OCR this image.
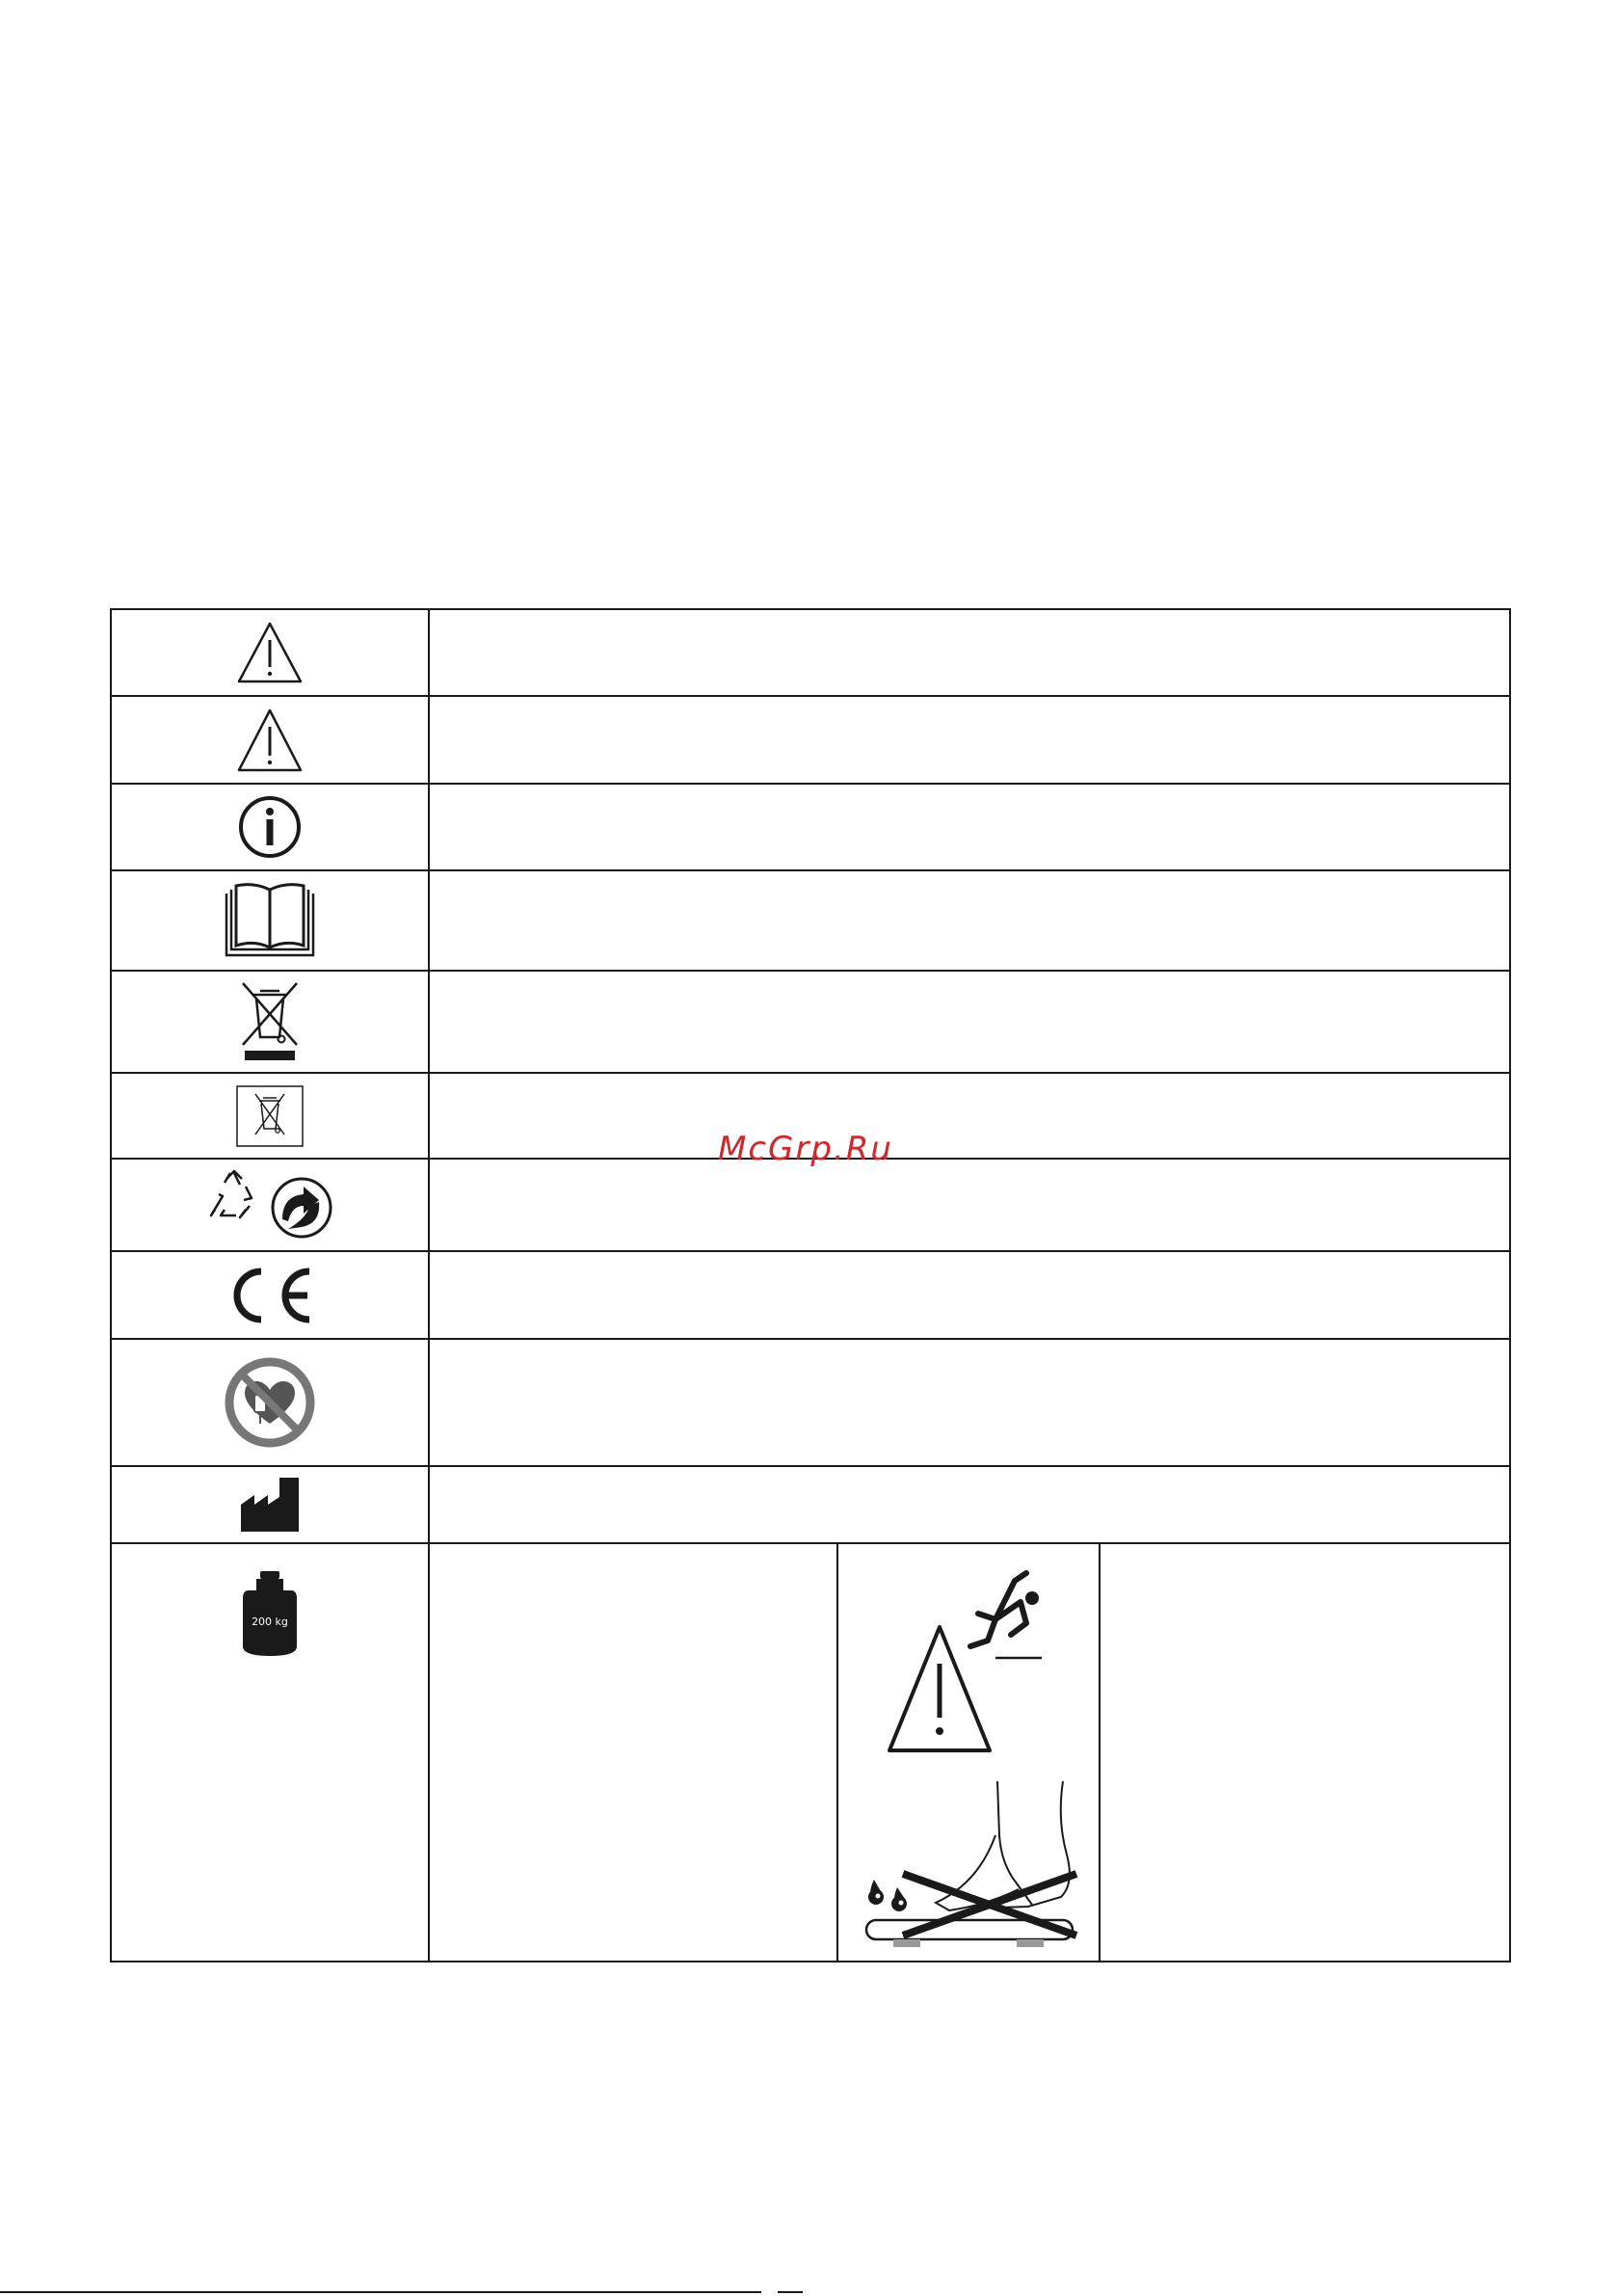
200 kg

McGrp.Ru
